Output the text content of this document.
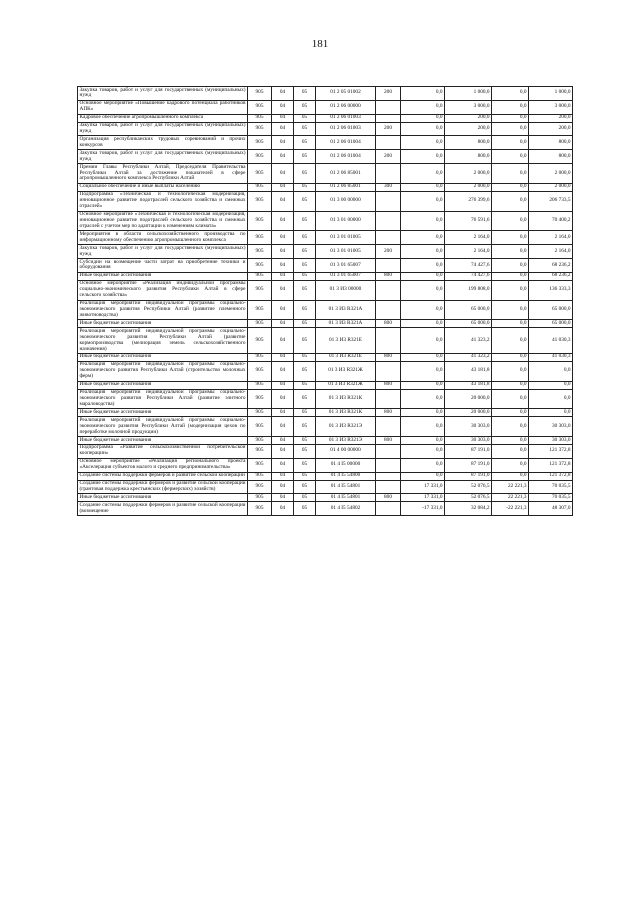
181
Закупка товаров, работ и услуг для государственных (муниципальных) нужд	905	04	05	01 2 05 01002	200	0,0	1 000,0	0,0	1 000,0
Основное мероприятие «Повышение кадрового потенциала работников АПК»	905	04	05	01 2 06 00000		0,0	3 000,0	0,0	3 000,0
Кадровое обеспечение агропромышленного комплекса	905	04	05	01 2 06 01003		0,0	200,0	0,0	200,0
Закупка товаров, работ и услуг для государственных (муниципальных) нужд	905	04	05	01 2 06 01003	200	0,0	200,0	0,0	200,0
Организация республиканских трудовых соревнований и прочих конкурсов	905	04	05	01 2 06 01004		0,0	800,0	0,0	800,0
Закупка товаров, работ и услуг для государственных (муниципальных) нужд	905	04	05	01 2 06 01004	200	0,0	800,0	0,0	800,0
Премии Главы Республики Алтай, Председателя Правительства Республики Алтай за достижение показателей в сфере агропромышленного комплекса Республики Алтай	905	04	05	01 2 06 85001		0,0	2 000,0	0,0	2 000,0
Социальное обеспечение и иные выплаты населению	905	04	05	01 2 06 85001	300	0,0	2 000,0	0,0	2 000,0
Подпрограмма «Техническая и технологическая модернизация, инновационное развитие подотраслей сельского хозяйства и смежных отраслей»	905	04	05	01 3 00 00000		0,0	276 399,6	0,0	206 733,5
Основное мероприятие «Техническая и технологическая модернизация, инновационное развитие подотраслей сельского хозяйства и смежных отраслей с учетом мер по адаптации к изменениям климата»	905	04	05	01 3 01 00000		0,0	76 591,6	0,0	70 400,2
Мероприятия в области сельскохозяйственного производства по информационному обеспечению агропромышленного комплекса	905	04	05	01 3 01 01005		0,0	2 164,0	0,0	2 164,0
Закупка товаров, работ и услуг для государственных (муниципальных) нужд	905	04	05	01 3 01 01005	200	0,0	2 164,0	0,0	2 164,0
Субсидии на возмещение части затрат на приобретение техники и оборудования	905	04	05	01 3 01 65007		0,0	74 427,6	0,0	68 236,2
Иные бюджетные ассигнования	905	04	05	01 3 01 65007	800	0,0	74 427,6	0,0	68 236,2
Основное мероприятие «Реализация индивидуальной программы социально-экономического развития Республики Алтай в сфере сельского хозяйства»	905	04	05	01 3 И3 00000		0,0	199 808,0	0,0	136 333,3
Реализация мероприятий индивидуальной программы социально-экономического развития Республики Алтай (развитие племенного животноводства)	905	04	05	01 3 И3 R321А		0,0	65 000,0	0,0	65 000,0
Иные бюджетные ассигнования	905	04	05	01 3 И3 R321А	800	0,0	65 000,0	0,0	65 000,0
Реализация мероприятий индивидуальной программы социально-экономического развития Республики Алтай (развитие кормопроизводства (мелиорация земель сельскохозяйственного назначения)	905	04	05	01 3 И3 R321Е		0,0	41 323,2	0,0	41 030,3
Иные бюджетные ассигнования	905	04	05	01 3 И3 R321Е	800	0,0	41 323,2	0,0	41 030,3
Реализация мероприятий индивидуальной программы социально-экономического развития Республики Алтай (строительство молочных ферм)	905	04	05	01 3 И3 R321Ж		0,0	43 181,8	0,0	0,0
Иные бюджетные ассигнования	905	04	05	01 3 И3 R321Ж	800	0,0	43 181,8	0,0	0,0
Реализация мероприятий индивидуальной программы социально-экономического развития Республики Алтай (развитие элитного мараловодства)	905	04	05	01 3 И3 R321К		0,0	20 000,0	0,0	0,0
Иные бюджетные ассигнования	905	04	05	01 3 И3 R321К	800	0,0	20 000,0	0,0	0,0
Реализация мероприятий индивидуальной программы социально-экономического развития Республики Алтай (модернизация цехов по переработке молочной продукции)	905	04	05	01 3 И3 R321Э		0,0	30 303,0	0,0	30 303,0
Иные бюджетные ассигнования	905	04	05	01 3 И3 R321Э	800	0,0	30 303,0	0,0	30 303,0
Подпрограмма «Развитие сельскохозяйственной потребительской кооперации»	905	04	05	01 4 00 00000		0,0	87 191,0	0,0	121 372,8
Основное мероприятие «Реализация регионального проекта «Акселерация субъектов малого и среднего предпринимательства»	905	04	05	01 4 I5 00000		0,0	87 191,0	0,0	121 372,8
Создание системы поддержки фермеров и развитие сельской кооперации	905	04	05	01 4 I5 54800		0,0	87 191,0	0,0	121 372,8
Создание системы поддержки фермеров и развитие сельской кооперации (грантовая поддержка крестьянских (фермерских) хозяйств)	905	04	05	01 4 I5 54801		17 331,0	52 076,5	22 221,3	70 035,5
Иные бюджетные ассигнования	905	04	05	01 4 I5 54801	800	17 331,0	52 076,5	22 221,3	70 035,5
Создание системы поддержки фермеров и развитие сельской кооперации (возмещение	905	04	05	01 4 I5 54802		-17 331,0	32 084,2	-22 221,3	48 307,0
